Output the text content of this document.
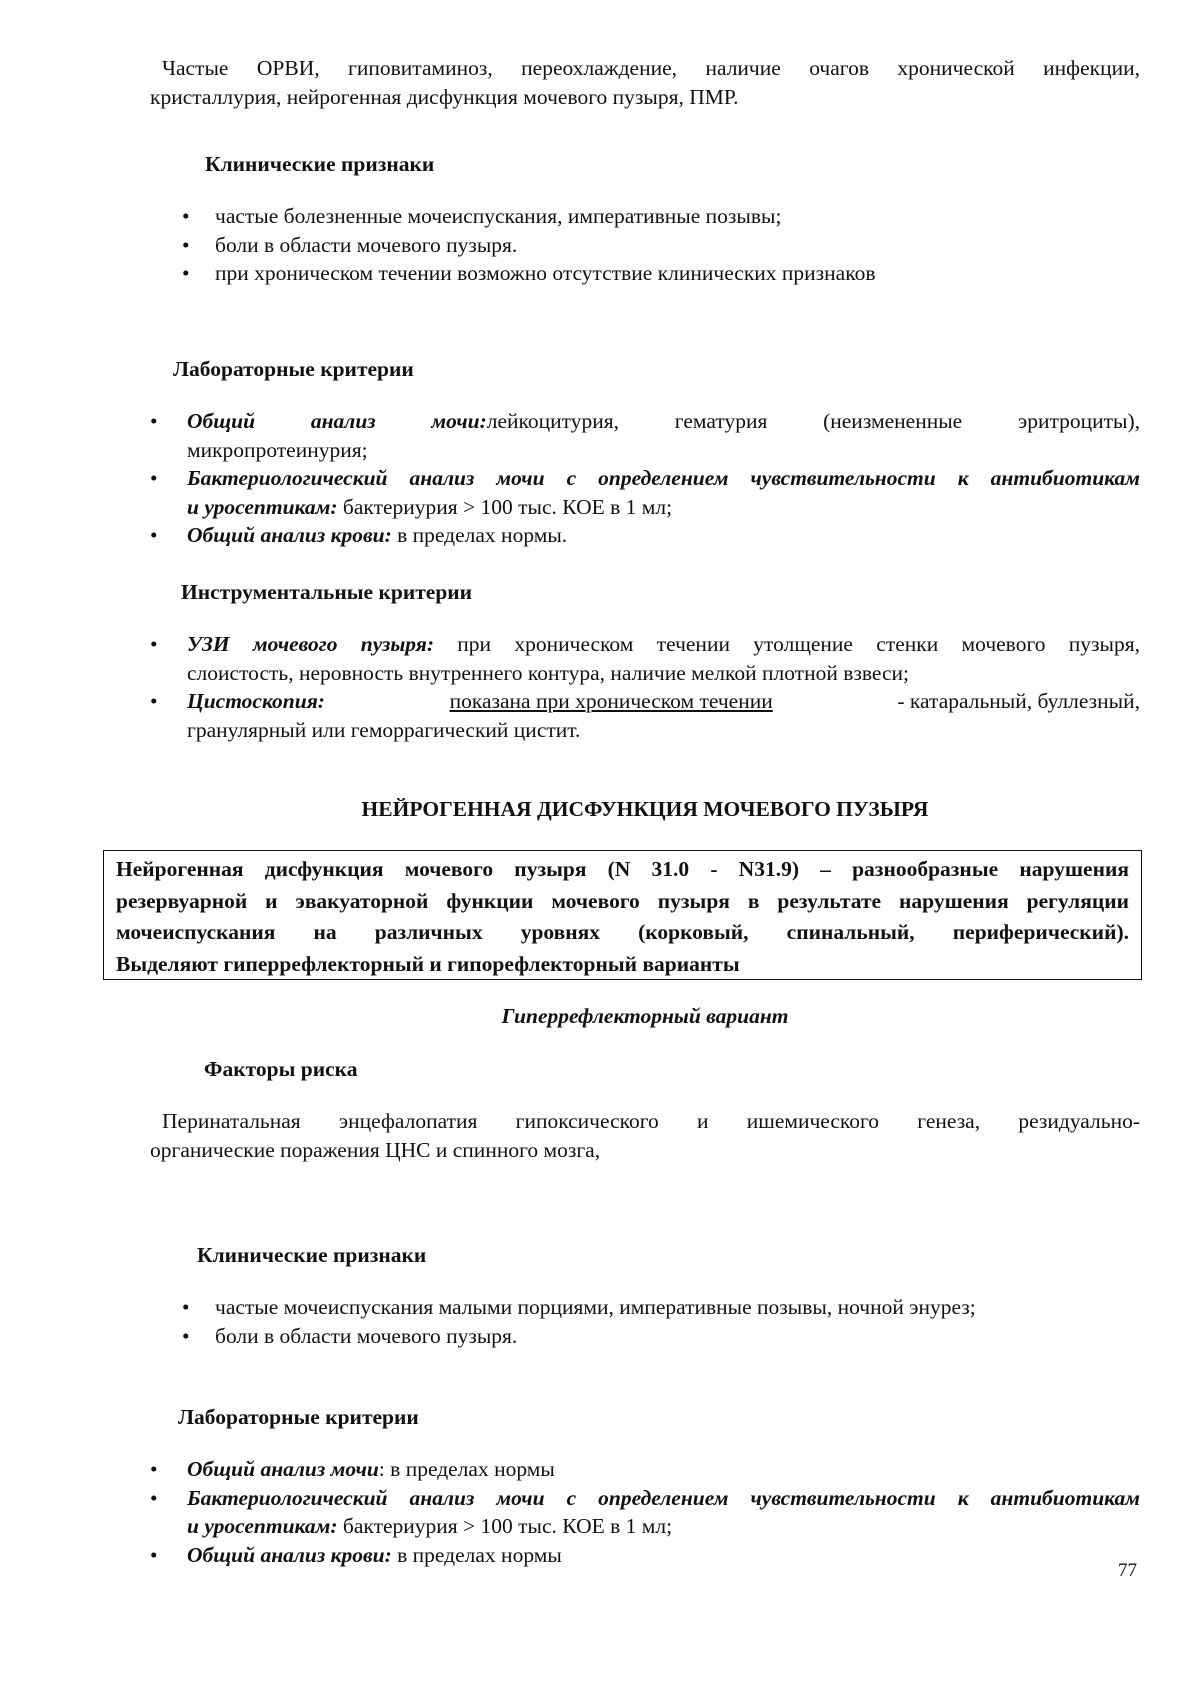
Частые ОРВИ, гиповитаминоз, переохлаждение, наличие очагов хронической инфекции,
кристаллурия, нейрогенная дисфункция мочевого пузыря, ПМР.
Клинические признаки
• частые болезненные мочеиспускания, императивные позывы;
• боли в области мочевого пузыря.
• при хроническом течении возможно отсутствие клинических признаков
Лабораторные критерии
• Общий анализ мочи:лейкоцитурия, гематурия (неизмененные эритроциты),
микропротеинурия;
• Бактериологический анализ мочи с определением чувствительности к антибиотикам
и уросептикам: бактериурия > 100 тыс. КОЕ в 1 мл;
• Общий анализ крови: в пределах нормы.
Инструментальные критерии
• УЗИ мочевого пузыря: при хроническом течении утолщение стенки мочевого пузыря,
слоистость, неровность внутреннего контура, наличие мелкой плотной взвеси;
• Цистоскопия:	показана при хроническом течении	- катаральный, буллезный,
гранулярный или геморрагический цистит.
НЕЙРОГЕННАЯ ДИСФУНКЦИЯ МОЧЕВОГО ПУЗЫРЯ
Нейрогенная дисфункция мочевого пузыря (N 31.0 - N31.9) – разнообразные нарушения
резервуарной и эвакуаторной функции мочевого пузыря в результате нарушения регуляции
мочеиспускания на различных уровнях (корковый, спинальный, периферический).
Выделяют гиперрефлекторный и гипорефлекторный варианты
Гиперрефлекторный вариант
Факторы риска
Перинатальная энцефалопатия гипоксического и ишемического генеза, резидуально-
органические поражения ЦНС и спинного мозга,
Клинические признаки
• частые мочеиспускания малыми порциями, императивные позывы, ночной энурез;
• боли в области мочевого пузыря.
Лабораторные критерии
• Общий анализ мочи: в пределах нормы
• Бактериологический анализ мочи с определением чувствительности к антибиотикам
и уросептикам: бактериурия > 100 тыс. КОЕ в 1 мл;
• Общий анализ крови: в пределах нормы
77
